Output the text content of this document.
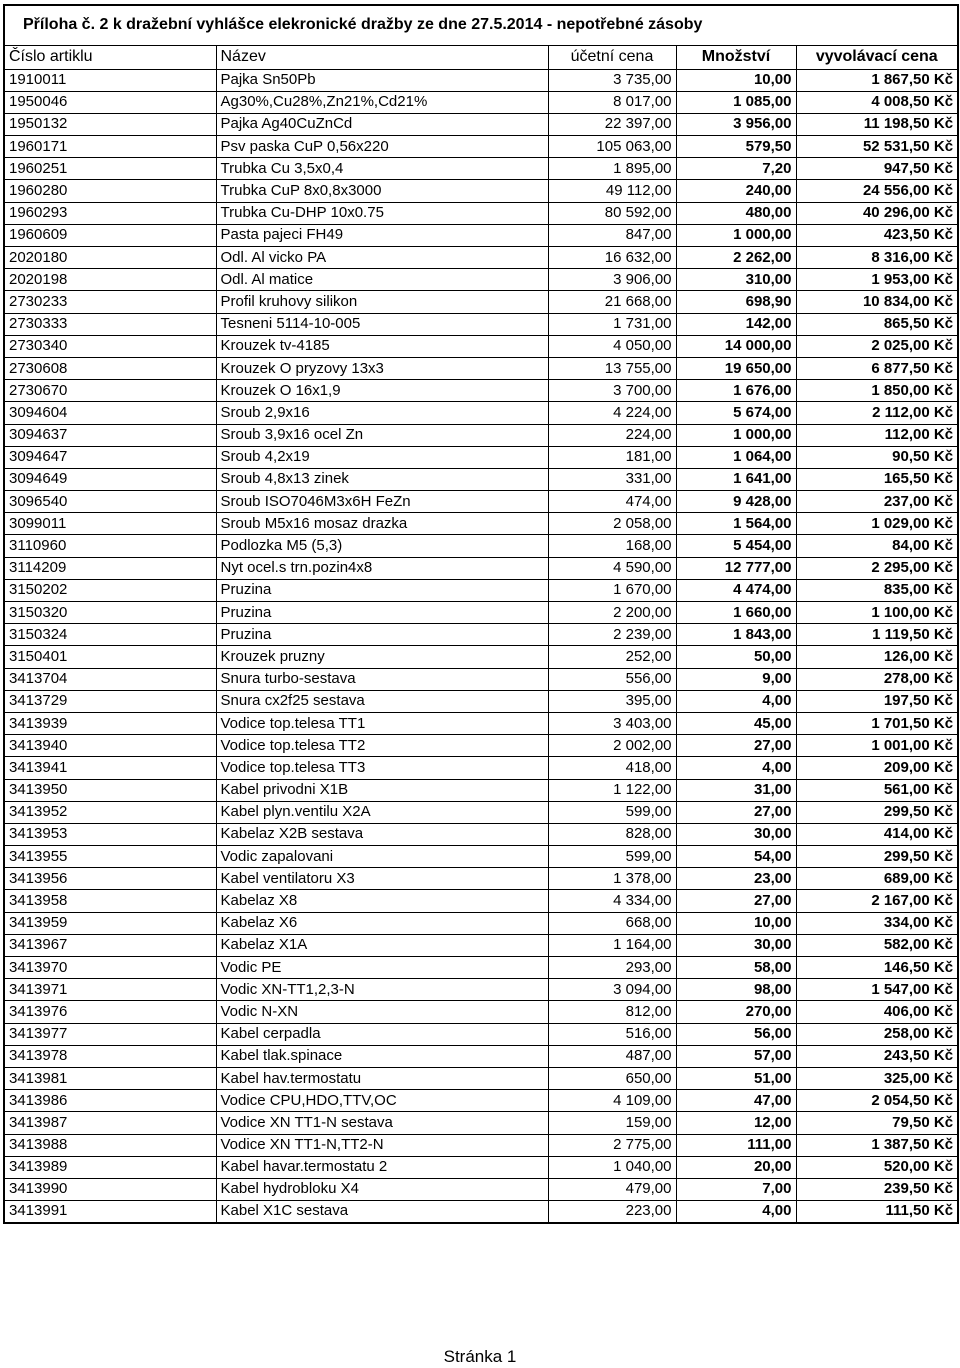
Příloha č. 2 k dražební vyhlášce elekronické dražby ze dne 27.5.2014 - nepotřebné zásoby				
Číslo artiklu	Název	účetní cena	Množství	vyvolávací cena
1910011	Pajka Sn50Pb	3 735,00	10,00	1 867,50 Kč
1950046	Ag30%,Cu28%,Zn21%,Cd21%	8 017,00	1 085,00	4 008,50 Kč
1950132	Pajka Ag40CuZnCd	22 397,00	3 956,00	11 198,50 Kč
1960171	Psv paska CuP 0,56x220	105 063,00	579,50	52 531,50 Kč
1960251	Trubka Cu 3,5x0,4	1 895,00	7,20	947,50 Kč
1960280	Trubka CuP 8x0,8x3000	49 112,00	240,00	24 556,00 Kč
1960293	Trubka Cu-DHP 10x0.75	80 592,00	480,00	40 296,00 Kč
1960609	Pasta pajeci FH49	847,00	1 000,00	423,50 Kč
2020180	Odl. Al vicko PA	16 632,00	2 262,00	8 316,00 Kč
2020198	Odl. Al matice	3 906,00	310,00	1 953,00 Kč
2730233	Profil kruhovy silikon	21 668,00	698,90	10 834,00 Kč
2730333	Tesneni 5114-10-005	1 731,00	142,00	865,50 Kč
2730340	Krouzek tv-4185	4 050,00	14 000,00	2 025,00 Kč
2730608	Krouzek O pryzovy 13x3	13 755,00	19 650,00	6 877,50 Kč
2730670	Krouzek O 16x1,9	3 700,00	1 676,00	1 850,00 Kč
3094604	Sroub 2,9x16	4 224,00	5 674,00	2 112,00 Kč
3094637	Sroub 3,9x16 ocel Zn	224,00	1 000,00	112,00 Kč
3094647	Sroub 4,2x19	181,00	1 064,00	90,50 Kč
3094649	Sroub 4,8x13 zinek	331,00	1 641,00	165,50 Kč
3096540	Sroub ISO7046M3x6H FeZn	474,00	9 428,00	237,00 Kč
3099011	Sroub M5x16 mosaz drazka	2 058,00	1 564,00	1 029,00 Kč
3110960	Podlozka M5 (5,3)	168,00	5 454,00	84,00 Kč
3114209	Nyt ocel.s trn.pozin4x8	4 590,00	12 777,00	2 295,00 Kč
3150202	Pruzina	1 670,00	4 474,00	835,00 Kč
3150320	Pruzina	2 200,00	1 660,00	1 100,00 Kč
3150324	Pruzina	2 239,00	1 843,00	1 119,50 Kč
3150401	Krouzek pruzny	252,00	50,00	126,00 Kč
3413704	Snura turbo-sestava	556,00	9,00	278,00 Kč
3413729	Snura cx2f25 sestava	395,00	4,00	197,50 Kč
3413939	Vodice top.telesa TT1	3 403,00	45,00	1 701,50 Kč
3413940	Vodice top.telesa TT2	2 002,00	27,00	1 001,00 Kč
3413941	Vodice top.telesa TT3	418,00	4,00	209,00 Kč
3413950	Kabel privodni X1B	1 122,00	31,00	561,00 Kč
3413952	Kabel plyn.ventilu X2A	599,00	27,00	299,50 Kč
3413953	Kabelaz X2B sestava	828,00	30,00	414,00 Kč
3413955	Vodic zapalovani	599,00	54,00	299,50 Kč
3413956	Kabel ventilatoru X3	1 378,00	23,00	689,00 Kč
3413958	Kabelaz X8	4 334,00	27,00	2 167,00 Kč
3413959	Kabelaz X6	668,00	10,00	334,00 Kč
3413967	Kabelaz X1A	1 164,00	30,00	582,00 Kč
3413970	Vodic PE	293,00	58,00	146,50 Kč
3413971	Vodic XN-TT1,2,3-N	3 094,00	98,00	1 547,00 Kč
3413976	Vodic N-XN	812,00	270,00	406,00 Kč
3413977	Kabel cerpadla	516,00	56,00	258,00 Kč
3413978	Kabel tlak.spinace	487,00	57,00	243,50 Kč
3413981	Kabel hav.termostatu	650,00	51,00	325,00 Kč
3413986	Vodice CPU,HDO,TTV,OC	4 109,00	47,00	2 054,50 Kč
3413987	Vodice XN TT1-N sestava	159,00	12,00	79,50 Kč
3413988	Vodice XN TT1-N,TT2-N	2 775,00	111,00	1 387,50 Kč
3413989	Kabel havar.termostatu 2	1 040,00	20,00	520,00 Kč
3413990	Kabel hydrobloku X4	479,00	7,00	239,50 Kč
3413991	Kabel X1C sestava	223,00	4,00	111,50 Kč
Stránka 1
